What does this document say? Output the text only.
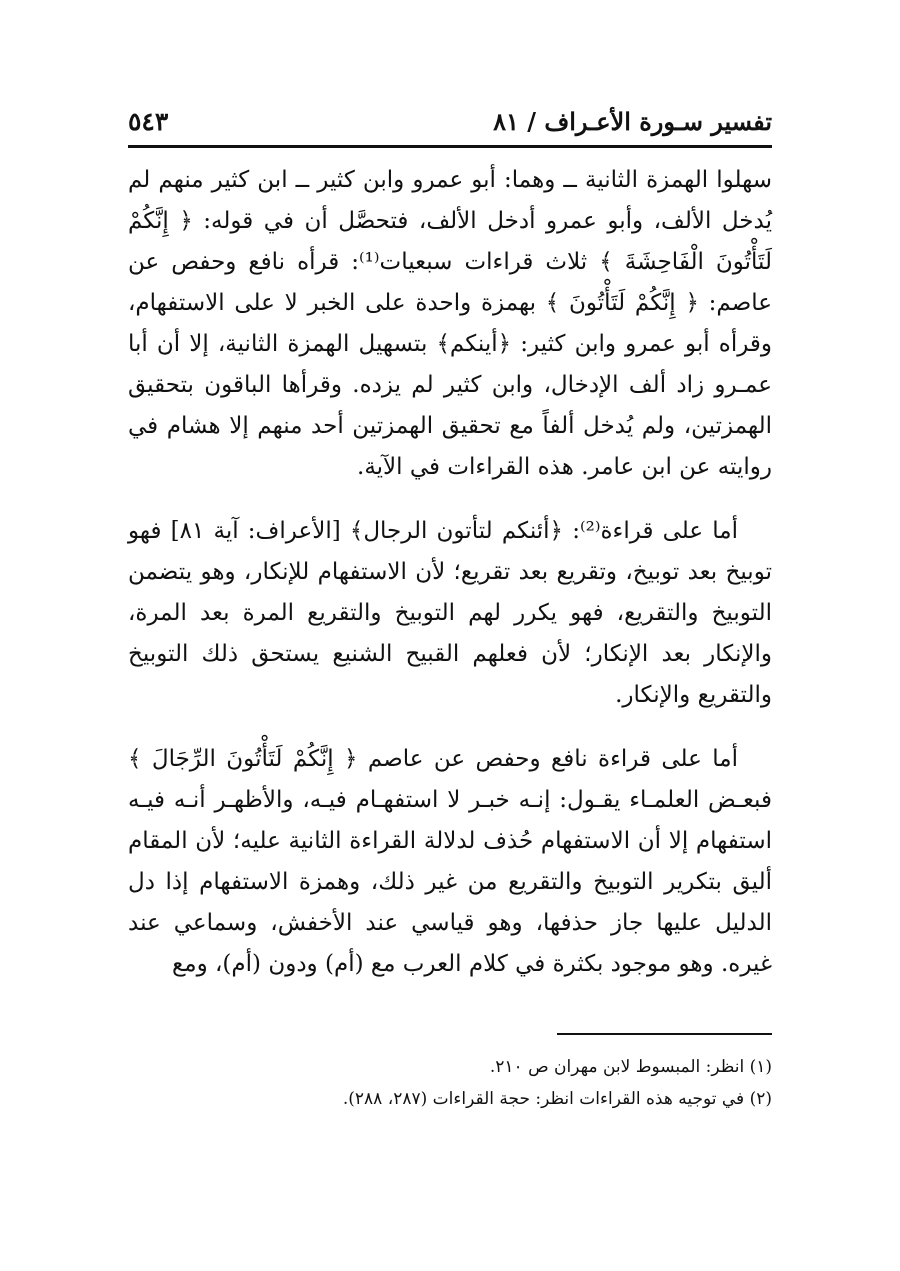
تفسير سـورة الأعـراف / ٨١
٥٤٣

سهلوا الهمزة الثانية ــ وهما: أبو عمرو وابن كثير ــ ابن كثير منهم لم يُدخل الألف، وأبو عمرو أدخل الألف، فتحصَّل أن في قوله: ﴿ إِنَّكُمْ لَتَأْتُونَ الْفَاحِشَةَ ﴾ ثلاث قراءات سبعيات⁽¹⁾: قرأه نافع وحفص عن عاصم: ﴿ إِنَّكُمْ لَتَأْتُونَ ﴾ بهمزة واحدة على الخبر لا على الاستفهام، وقرأه أبو عمرو وابن كثير: ﴿أينكم﴾ بتسهيل الهمزة الثانية، إلا أن أبا عمـرو زاد ألف الإدخال، وابن كثير لم يزده. وقرأها الباقون بتحقيق الهمزتين، ولم يُدخل ألفاً مع تحقيق الهمزتين أحد منهم إلا هشام في روايته عن ابن عامر. هذه القراءات في الآية.

أما على قراءة⁽²⁾: ﴿أئنكم لتأتون الرجال﴾ [الأعراف: آية ٨١] فهو توبيخ بعد توبيخ، وتقريع بعد تقريع؛ لأن الاستفهام للإنكار، وهو يتضمن التوبيخ والتقريع، فهو يكرر لهم التوبيخ والتقريع المرة بعد المرة، والإنكار بعد الإنكار؛ لأن فعلهم القبيح الشنيع يستحق ذلك التوبيخ والتقريع والإنكار.

أما على قراءة نافع وحفص عن عاصم ﴿ إِنَّكُمْ لَتَأْتُونَ الرِّجَالَ ﴾ فبعـض العلمـاء يقـول: إنـه خبـر لا استفهـام فيـه، والأظهـر أنـه فيـه استفهام إلا أن الاستفهام حُذف لدلالة القراءة الثانية عليه؛ لأن المقام أليق بتكرير التوبيخ والتقريع من غير ذلك، وهمزة الاستفهام إذا دل الدليل عليها جاز حذفها، وهو قياسي عند الأخفش، وسماعي عند غيره. وهو موجود بكثرة في كلام العرب مع (أم) ودون (أم)، ومع

(١) انظر: المبسوط لابن مهران ص ٢١٠.
(٢) في توجيه هذه القراءات انظر: حجة القراءات (٢٨٧، ٢٨٨).
